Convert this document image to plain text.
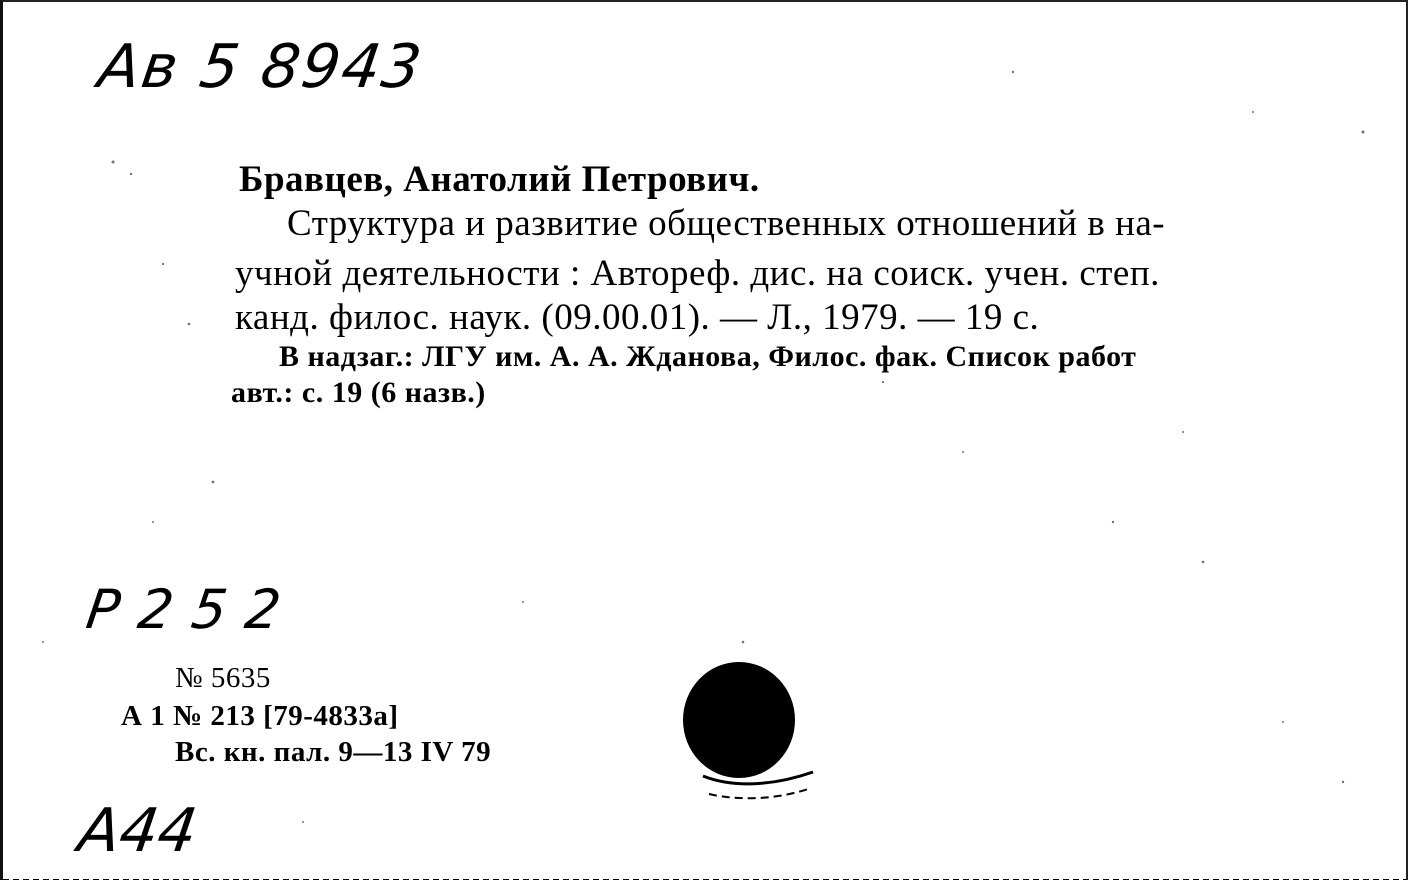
Ав 5 8943
Бравцев, Анатолий Петрович.
Структура и развитие общественных отношений в на-
учной деятельности : Автореф. дис. на соиск. учен. степ.
канд. филос. наук. (09.00.01). — Л., 1979. — 19 с.
В надзаг.: ЛГУ им. А. А. Жданова, Филос. фак. Список работ
авт.: с. 19 (6 назв.)
P 2 5 2
№ 5635
А 1 № 213 [79-4833а]
Вс. кн. пал. 9—13 IV 79
А44
